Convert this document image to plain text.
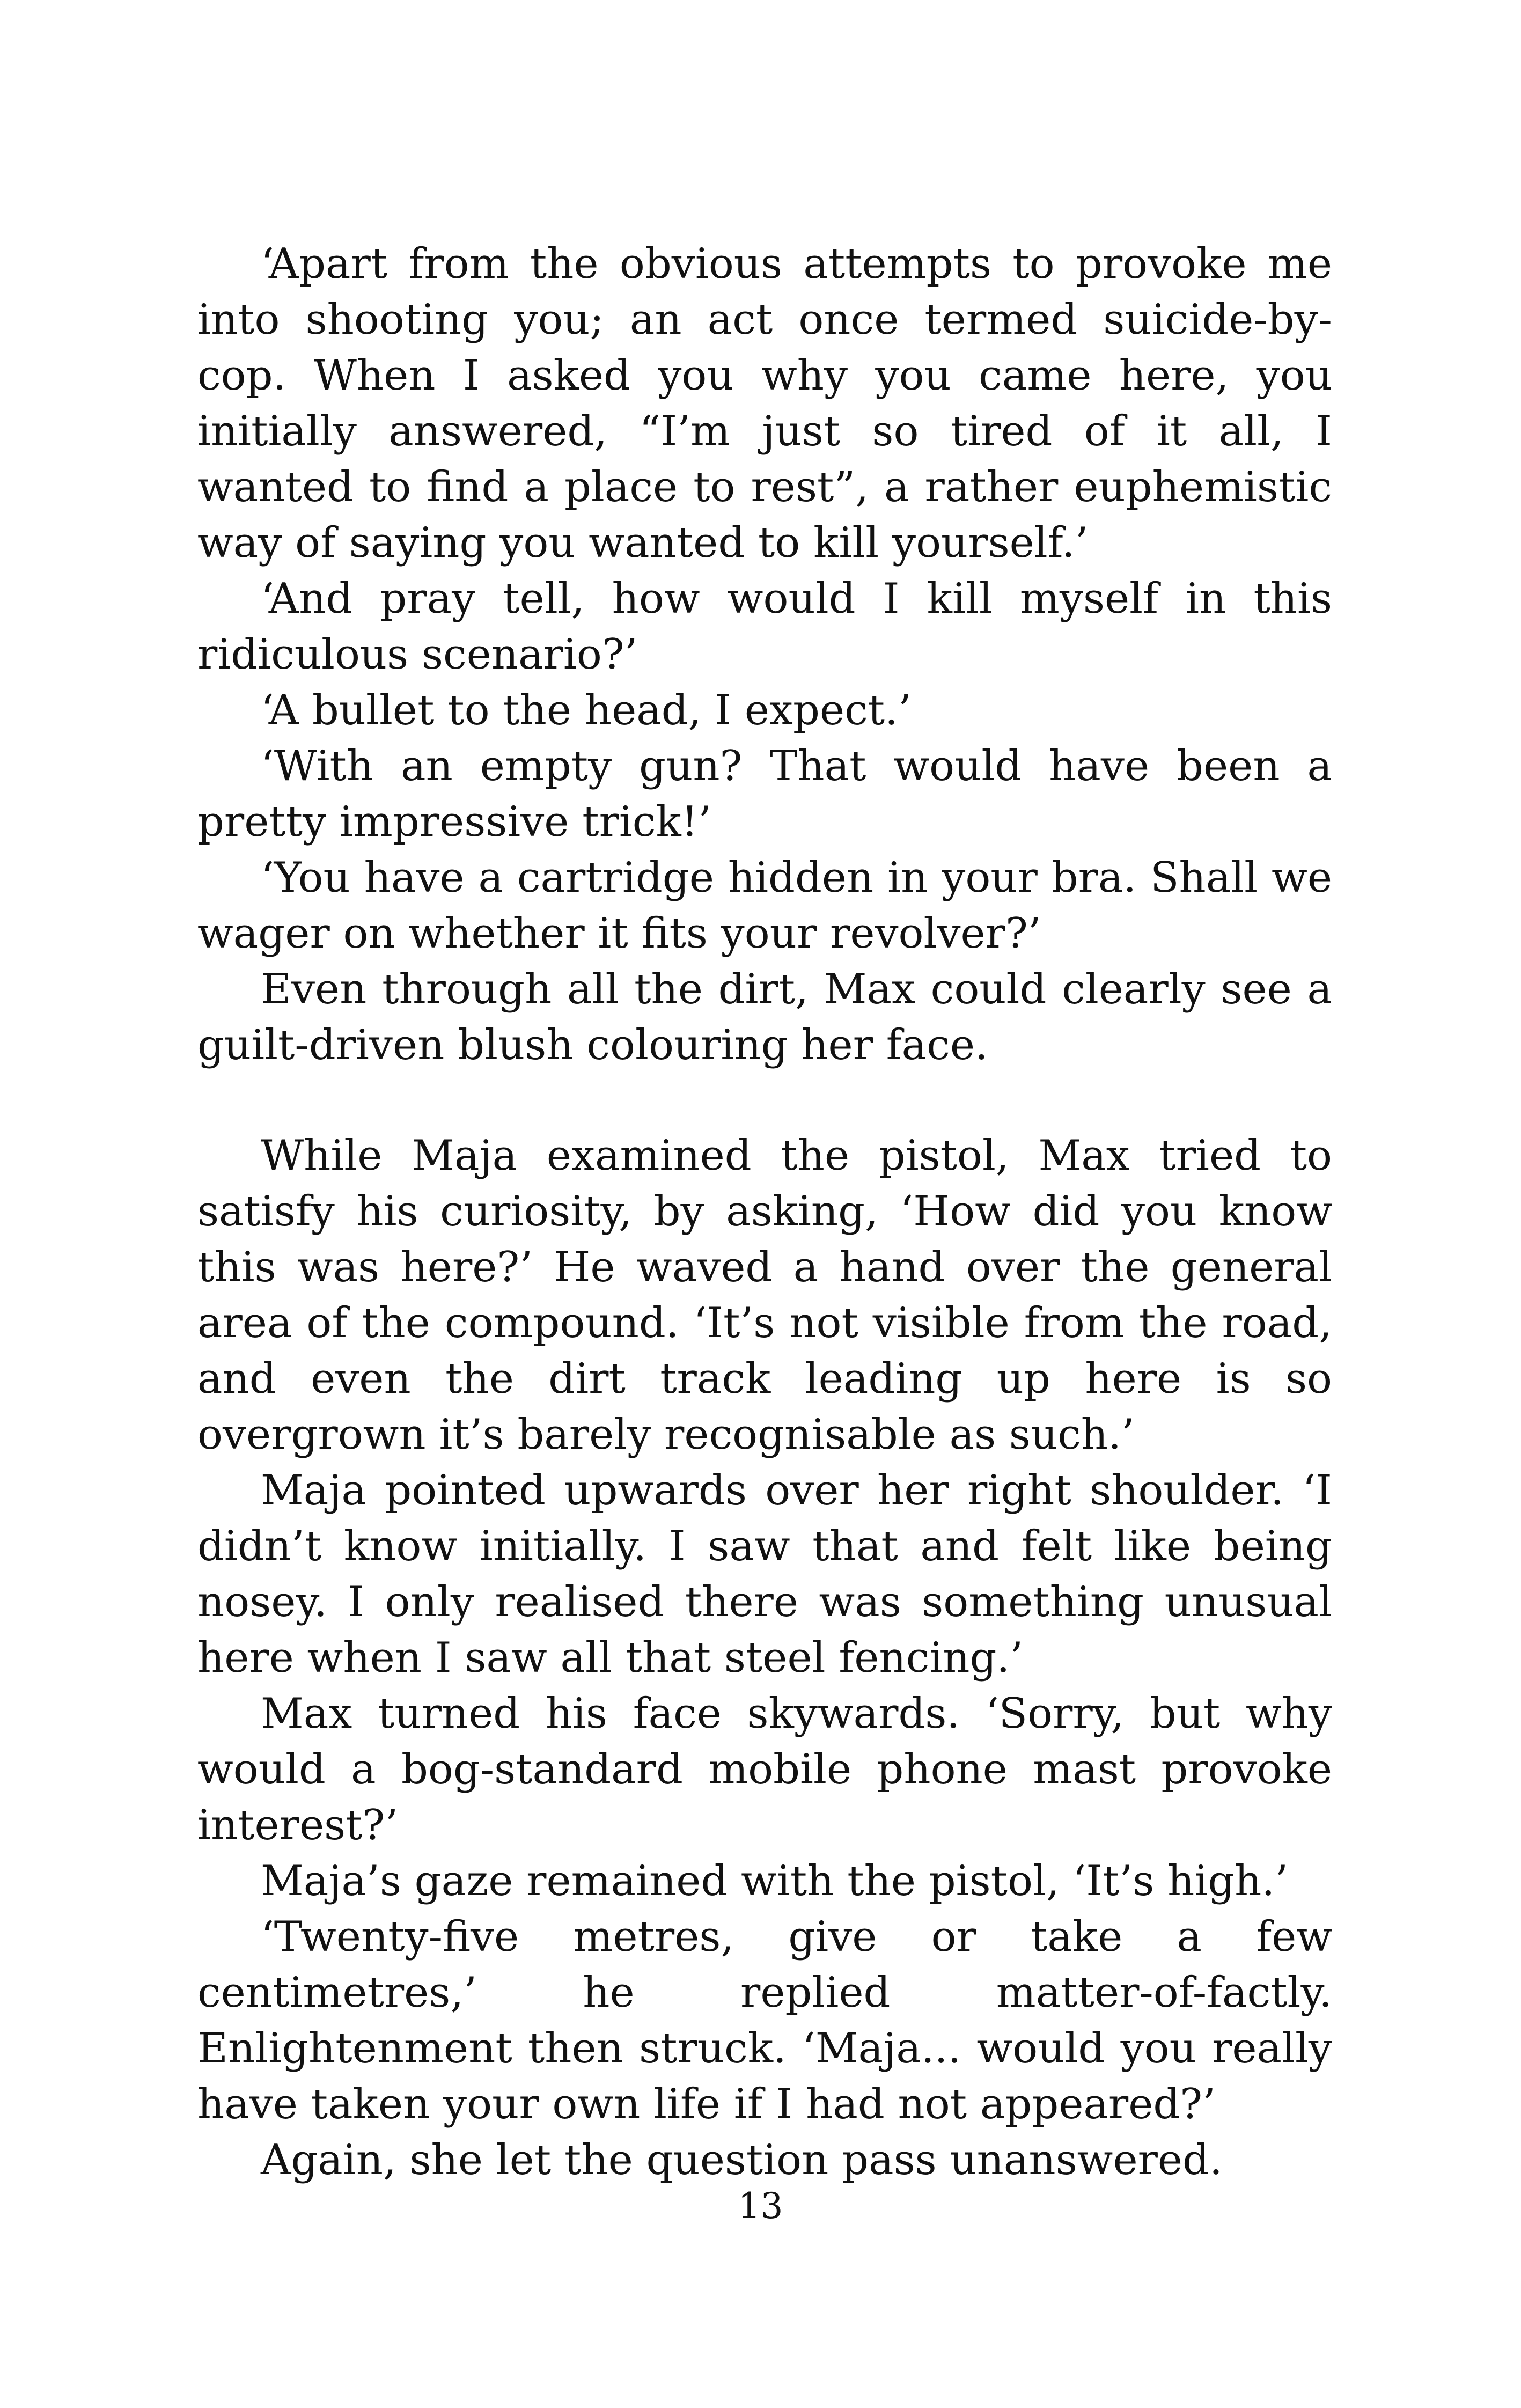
‘Apart from the obvious attempts to provoke me into shooting you; an act once termed suicide-by-cop. When I asked you why you came here, you initially answered, “I’m just so tired of it all, I wanted to find a place to rest”, a rather euphemistic way of saying you wanted to kill yourself.’

‘And pray tell, how would I kill myself in this ridiculous scenario?’

‘A bullet to the head, I expect.’

‘With an empty gun? That would have been a pretty impressive trick!’

‘You have a cartridge hidden in your bra. Shall we wager on whether it fits your revolver?’

Even through all the dirt, Max could clearly see a guilt-driven blush colouring her face.

While Maja examined the pistol, Max tried to satisfy his curiosity, by asking, ‘How did you know this was here?’ He waved a hand over the general area of the compound. ‘It’s not visible from the road, and even the dirt track leading up here is so overgrown it’s barely recognisable as such.’

Maja pointed upwards over her right shoulder. ‘I didn’t know initially. I saw that and felt like being nosey. I only realised there was something unusual here when I saw all that steel fencing.’

Max turned his face skywards. ‘Sorry, but why would a bog-standard mobile phone mast provoke interest?’

Maja’s gaze remained with the pistol, ‘It’s high.’

‘Twenty-five metres, give or take a few centimetres,’ he replied matter-of-factly. Enlightenment then struck. ‘Maja... would you really have taken your own life if I had not appeared?’

Again, she let the question pass unanswered.

13
